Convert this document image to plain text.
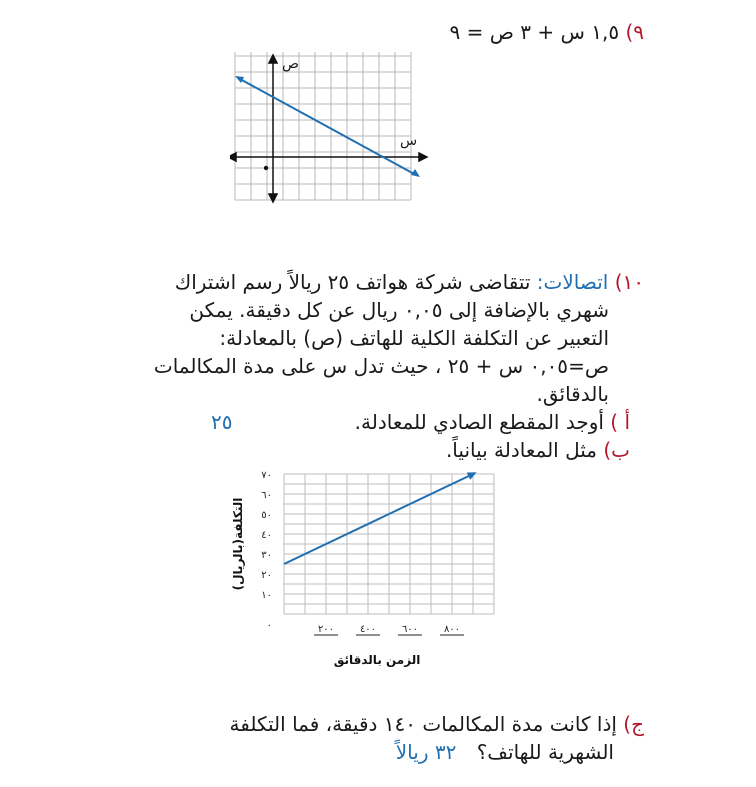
٩) ١,٥ س + ٣ ص = ٩
ص
س
١٠) اتصالات: تتقاضى شركة هواتف ٢٥ ريالاً رسم اشتراك
شهري بالإضافة إلى ٠,٠٥ ريال عن كل دقيقة. يمكن
التعبير عن التكلفة الكلية للهاتف (ص) بالمعادلة:
ص=٠,٠٥ س + ٢٥ ، حيث تدل س على مدة المكالمات
بالدقائق.
أ ) أوجد المقطع الصادي للمعادلة.
٢٥
ب) مثل المعادلة بيانياً.
١٠
٢٠
٣٠
٤٠
٥٠
٦٠
٧٠
٠	٢٠٠	٤٠٠	٦٠٠	٨٠٠
الزمن بالدقائق
التكلفة(بالريال)
ج) إذا كانت مدة المكالمات ١٤٠ دقيقة، فما التكلفة
الشهرية للهاتف؟ ٣٢ ريالاً
